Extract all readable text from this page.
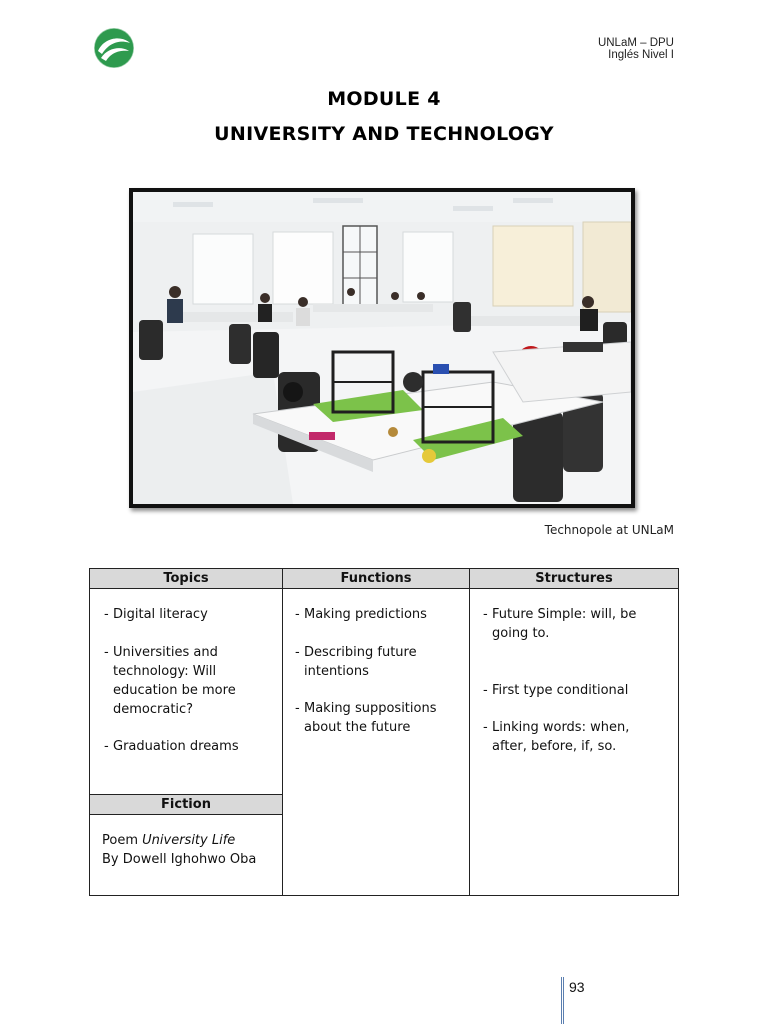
UNLaM – DPU
Inglés Nivel I
MODULE 4
UNIVERSITY AND TECHNOLOGY
Technopole at UNLaM
Topics
- Digital literacy
- Universities and technology: Will education be more democratic?
- Graduation dreams
Fiction
Poem University Life
By Dowell Ighohwo Oba
Functions
- Making predictions
- Describing future intentions
- Making suppositions about the future
Structures
- Future Simple: will, be going to.
- First type conditional
- Linking words: when, after, before, if, so.
93
